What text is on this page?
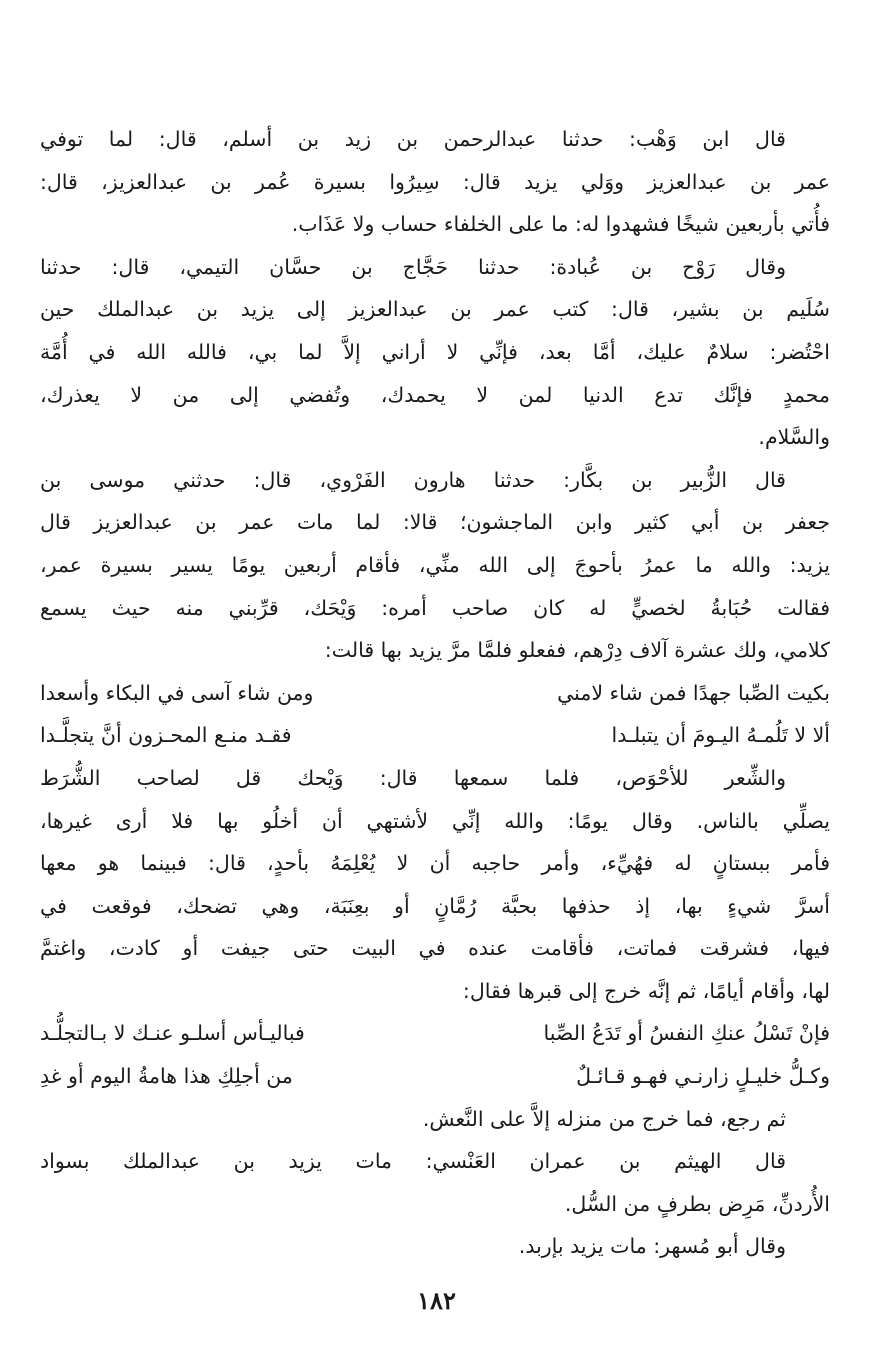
قال ابن وَهْب: حدثنا عبدالرحمن بن زيد بن أسلم، قال: لما توفي
عمر بن عبدالعزيز ووَلي يزيد قال: سِيرُوا بسيرة عُمر بن عبدالعزيز، قال:
فأُتي بأربعين شيخًا فشهدوا له: ما على الخلفاء حساب ولا عَذَاب.
وقال رَوْح بن عُبادة: حدثنا حَجَّاج بن حسَّان التيمي، قال: حدثنا
سُلَيم بن بشير، قال: كتب عمر بن عبدالعزيز إلى يزيد بن عبدالملك حين
احْتُضر: سلامٌ عليك، أمَّا بعد، فإنِّي لا أراني إلاَّ لما بي، فالله الله في أُمَّة
محمدٍ فإنَّك تدع الدنيا لمن لا يحمدك، وتُفضي إلى من لا يعذرك،
والسَّلام.
قال الزُّبير بن بكَّار: حدثنا هارون الفَرْوي، قال: حدثني موسى بن
جعفر بن أبي كثير وابن الماجشون؛ قالا: لما مات عمر بن عبدالعزيز قال
يزيد: والله ما عمرُ بأحوجَ إلى الله منِّي، فأقام أربعين يومًا يسير بسيرة عمر،
فقالت حُبَابةُ لخصيٍّ له كان صاحب أمره: وَيْحَك، قرِّبني منه حيث يسمع
كلامي، ولك عشرة آلاف دِرْهم، ففعلو فلمَّا مرَّ يزيد بها قالت:
بكيت الصِّبا جهدًا فمن شاء لامني
ومن شاء آسى في البكاء وأسعدا
ألا لا تَلُمـهُ اليـومَ أن يتبلـدا
فقـد منـع المحـزون أنَّ يتجلَّـدا
والشِّعر للأحْوَص، فلما سمعها قال: وَيْحك قل لصاحب الشُّرَط
يصلِّي بالناس. وقال يومًا: والله إنِّي لأشتهي أن أخلُو بها فلا أرى غيرها،
فأمر ببستانٍ له فهُيِّء، وأمر حاجبه أن لا يُعْلِمَهُ بأحدٍ، قال: فبينما هو معها
أسرَّ شيءٍ بها، إذ حذفها بحبَّة رُمَّانٍ أو بعِنَبَة، وهي تضحك، فوقعت في
فيها، فشرقت فماتت، فأقامت عنده في البيت حتى جيفت أو كادت، واغتمَّ
لها، وأقام أيامًا، ثم إنَّه خرج إلى قبرها فقال:
فإنْ تَسْلُ عنكِ النفسُ أو تَدَعُ الصِّبا
فباليـأس أسلـو عنـك لا بـالتجلُّـد
وكـلُّ خليـلٍ زارنـي فهـو قـائـلٌ
من أجلِكِ هذا هامةُ اليوم أو غدِ
ثم رجع، فما خرج من منزله إلاَّ على النَّعش.
قال الهيثم بن عمران العَنْسي: مات يزيد بن عبدالملك بسواد
الأُردنِّ، مَرِض بطرفٍ من السُّل.
وقال أبو مُسهر: مات يزيد بإربد.
١٨٢
